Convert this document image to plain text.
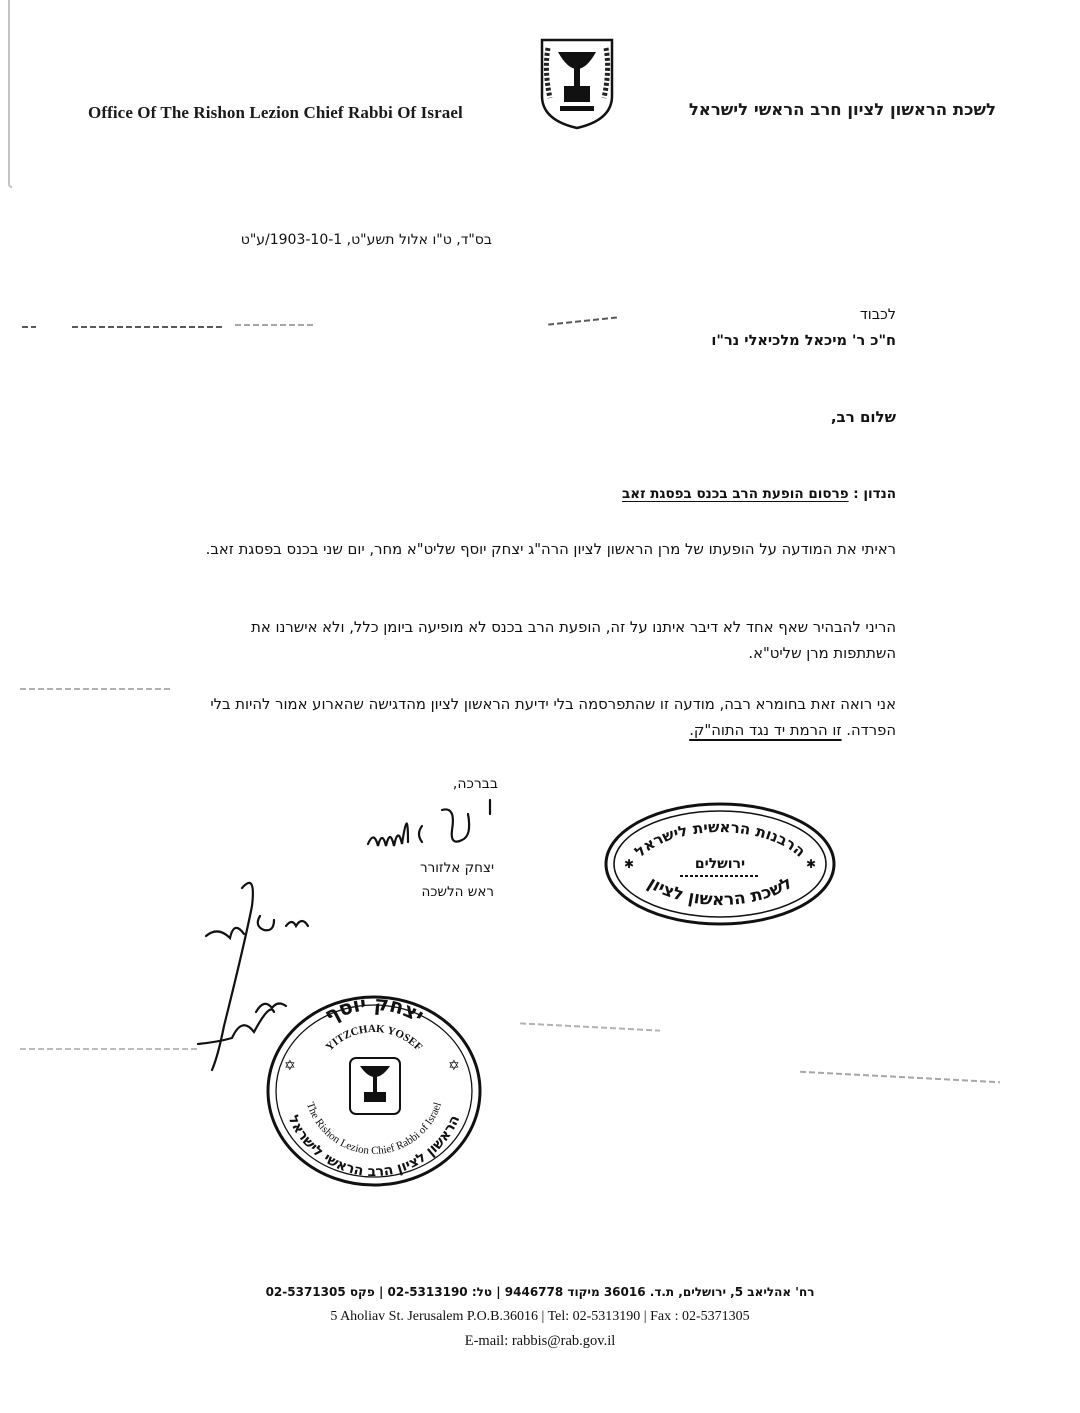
Office Of The Rishon Lezion Chief Rabbi Of Israel	לשכת הראשון לציון חרב הראשי לישראל
בס"ד, ט"ו אלול תשע"ט, 1903-10-1/ע"ט
לכבוד
ח"כ ר' מיכאל מלכיאלי נר"ו
שלום רב,
הנדון : פרסום הופעת הרב בכנס בפסגת זאב
ראיתי את המודעה על הופעתו של מרן הראשון לציון הרה"ג יצחק יוסף שליט"א מחר, יום שני בכנס בפסגת זאב.
הריני להבהיר שאף אחד לא דיבר איתנו על זה, הופעת הרב בכנס לא מופיעה ביומן כלל, ולא אישרנו את השתתפות מרן שליט"א.
אני רואה זאת בחומרא רבה, מודעה זו שהתפרסמה בלי ידיעת הראשון לציון מהדגישה שהארוע אמור להיות בלי הפרדה. זו הרמת יד נגד התוה"ק.
בברכה,
יצחק אלזורר
ראש הלשכה
הרבנות הראשית לישראל
ירושלים
לשכת הראשון לציון
✱	✱
יצחק יוסף
YITZCHAK YOSEF
The Rishon Lezion Chief Rabbi of Israel
הראשון לציון הרב הראשי לישראל
✡	✡
רח' אהליאב 5, ירושלים, ת.ד. 36016 מיקוד 9446778 | טל: 02-5313190 | פקס 02-5371305
5 Aholiav St. Jerusalem P.O.B.36016 | Tel: 02-5313190 | Fax : 02-5371305
E-mail: rabbis@rab.gov.il
